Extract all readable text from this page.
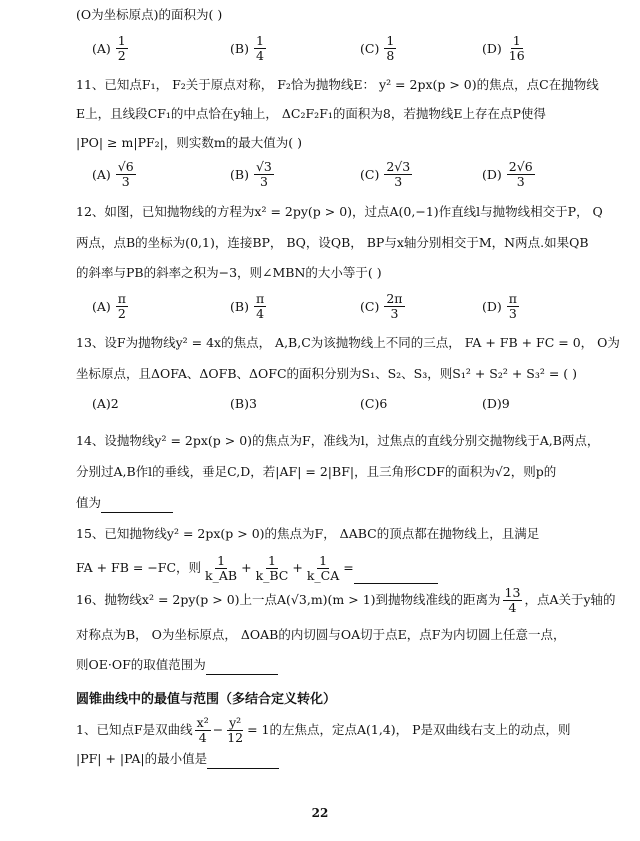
(O为坐标原点)的面积为( )
$(A) \frac{1}{2}$	$(B) \frac{1}{4}$	$(C) \frac{1}{8}$	$(D) \frac{1}{16}$
11、已知点F₁， F₂关于原点对称， F₂恰为抛物线E： y² = 2px(p > 0)的焦点，点C在抛物线
E上，且线段CF₁的中点恰在y轴上， ΔC₂F₂F₁的面积为8，若抛物线E上存在点P使得
|PO| ≥ m|PF₂|，则实数m的最大值为( )
$(A) \frac{√6}{3}$	$(B) \frac{√3}{3}$	$(C) \frac{2√3}{3}$	$(D) \frac{2√6}{3}$
12、如图，已知抛物线的方程为x² = 2py(p > 0)，过点A(0,−1)作直线l与抛物线相交于P， Q
两点，点B的坐标为(0,1)，连接BP， BQ，设QB， BP与x轴分别相交于M，N两点.如果QB
的斜率与PB的斜率之积为−3，则∠MBN的大小等于( )
$(A) \frac{\pi}{2}$	$(B) \frac{\pi}{4}$	$(C) \frac{2\pi}{3}$	$(D) \frac{\pi}{3}$
13、设F为抛物线y² = 4x的焦点， A,B,C为该抛物线上不同的三点， FA + FB + FC = 0， O为
坐标原点，且ΔOFA、ΔOFB、ΔOFC的面积分别为S₁、S₂、S₃，则S₁² + S₂² + S₃² = ( )
(A)2	(B)3	(C)6	(D)9
14、设抛物线y² = 2px(p > 0)的焦点为F，准线为l，过焦点的直线分别交抛物线于A,B两点，
分别过A,B作l的垂线，垂足C,D，若|AF| = 2|BF|，且三角形CDF的面积为√2，则p的
值为
15、已知抛物线y² = 2px(p > 0)的焦点为F， ΔABC的顶点都在抛物线上，且满足
FA + FB = −FC，则 $\frac{1}{k\_AB} + \frac{1}{k\_BC} + \frac{1}{k\_CA}$ =

16、抛物线x² = 2py(p > 0)上一点A(√3,m)(m > 1)到抛物线准线的距离为 $\frac{13}{4}$ ，点A关于y轴的
对称点为B， O为坐标原点， ΔOAB的内切圆与OA切于点E，点F为内切圆上任意一点，
则OE·OF的取值范围为
圆锥曲线中的最值与范围（多结合定义转化）
1、已知点F是双曲线 $\frac{\text{x²}}{4} - \frac{\text{y²}}{12} = 1$的左焦点，定点A(1,4)， P是双曲线右支上的动点，则
|PF| + |PA|的最小值是
22
